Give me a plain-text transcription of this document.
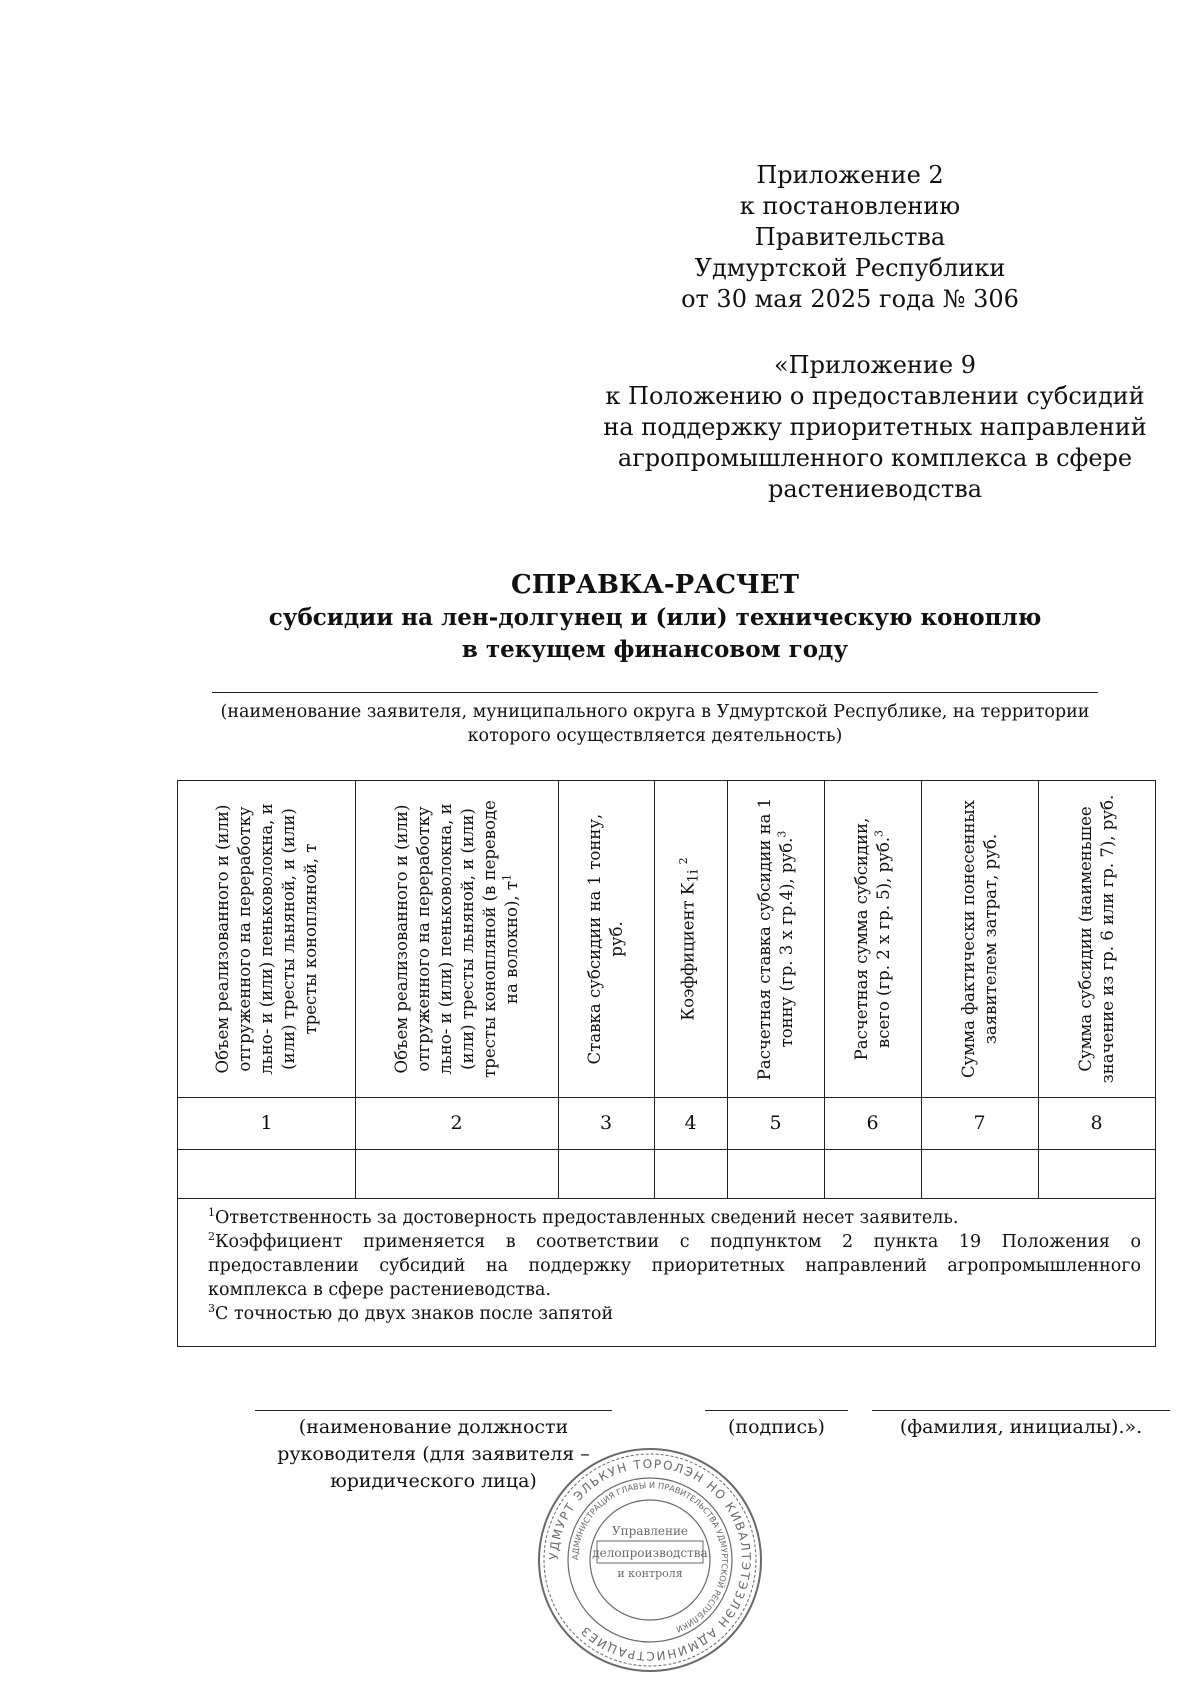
Приложение 2
к постановлению Правительства
Удмуртской Республики
от 30 мая 2025 года № 306
«Приложение 9
к Положению о предоставлении субсидий
на поддержку приоритетных направлений
агропромышленного комплекса в сфере
растениеводства
СПРАВКА-РАСЧЕТ
субсидии на лен-долгунец и (или) техническую коноплю
в текущем финансовом году
(наименование заявителя, муниципального округа в Удмуртской Республике, на территории которого осуществляется деятельность)
Объем реализованного и (или) отгруженного на переработку льно- и (или) пеньковолокна, и (или) тресты льняной, и (или) тресты конопляной, т	Объем реализованного и (или) отгруженного на переработку льно- и (или) пеньковолокна, и (или) тресты льняной, и (или) тресты конопляной (в переводе на волокно), $т^1$	Ставка субсидии на 1 тонну, руб.	Коэффициент $K_{1i}$ $^2$	Расчетная ставка субсидии на 1 тонну (гр. 3 х гр.4), руб.$^3$	Расчетная сумма субсидии, всего (гр. 2 х гр. 5), руб.$^3$	Сумма фактически понесенных заявителем затрат, руб.	Сумма субсидии (наименьшее значение из гр. 6 или гр. 7), руб.
1	2	3	4	5	6	7	8
$^1$Ответственность за достоверность предоставленных сведений несет заявитель.
$^2$Коэффициент применяется в соответствии с подпунктом 2 пункта 19 Положения о предоставлении субсидий на поддержку приоритетных направлений агропромышленного комплекса в сфере растениеводства.
$^3$С точностью до двух знаков после запятой
(наименование должности
руководителя (для заявителя –
юридического лица)
(подпись)	(фамилия, инициалы).».
УДМУРТ ЭЛЬКУН ТОРОЛЭН НО КИВАЛТЭТЭЗЛЭН АДМИНИСТРАЦИЕЗ
АДМИНИСТРАЦИЯ ГЛАВЫ И ПРАВИТЕЛЬСТВА УДМУРТСКОЙ РЕСПУБЛИКИ
Управление
делопроизводства
и контроля
